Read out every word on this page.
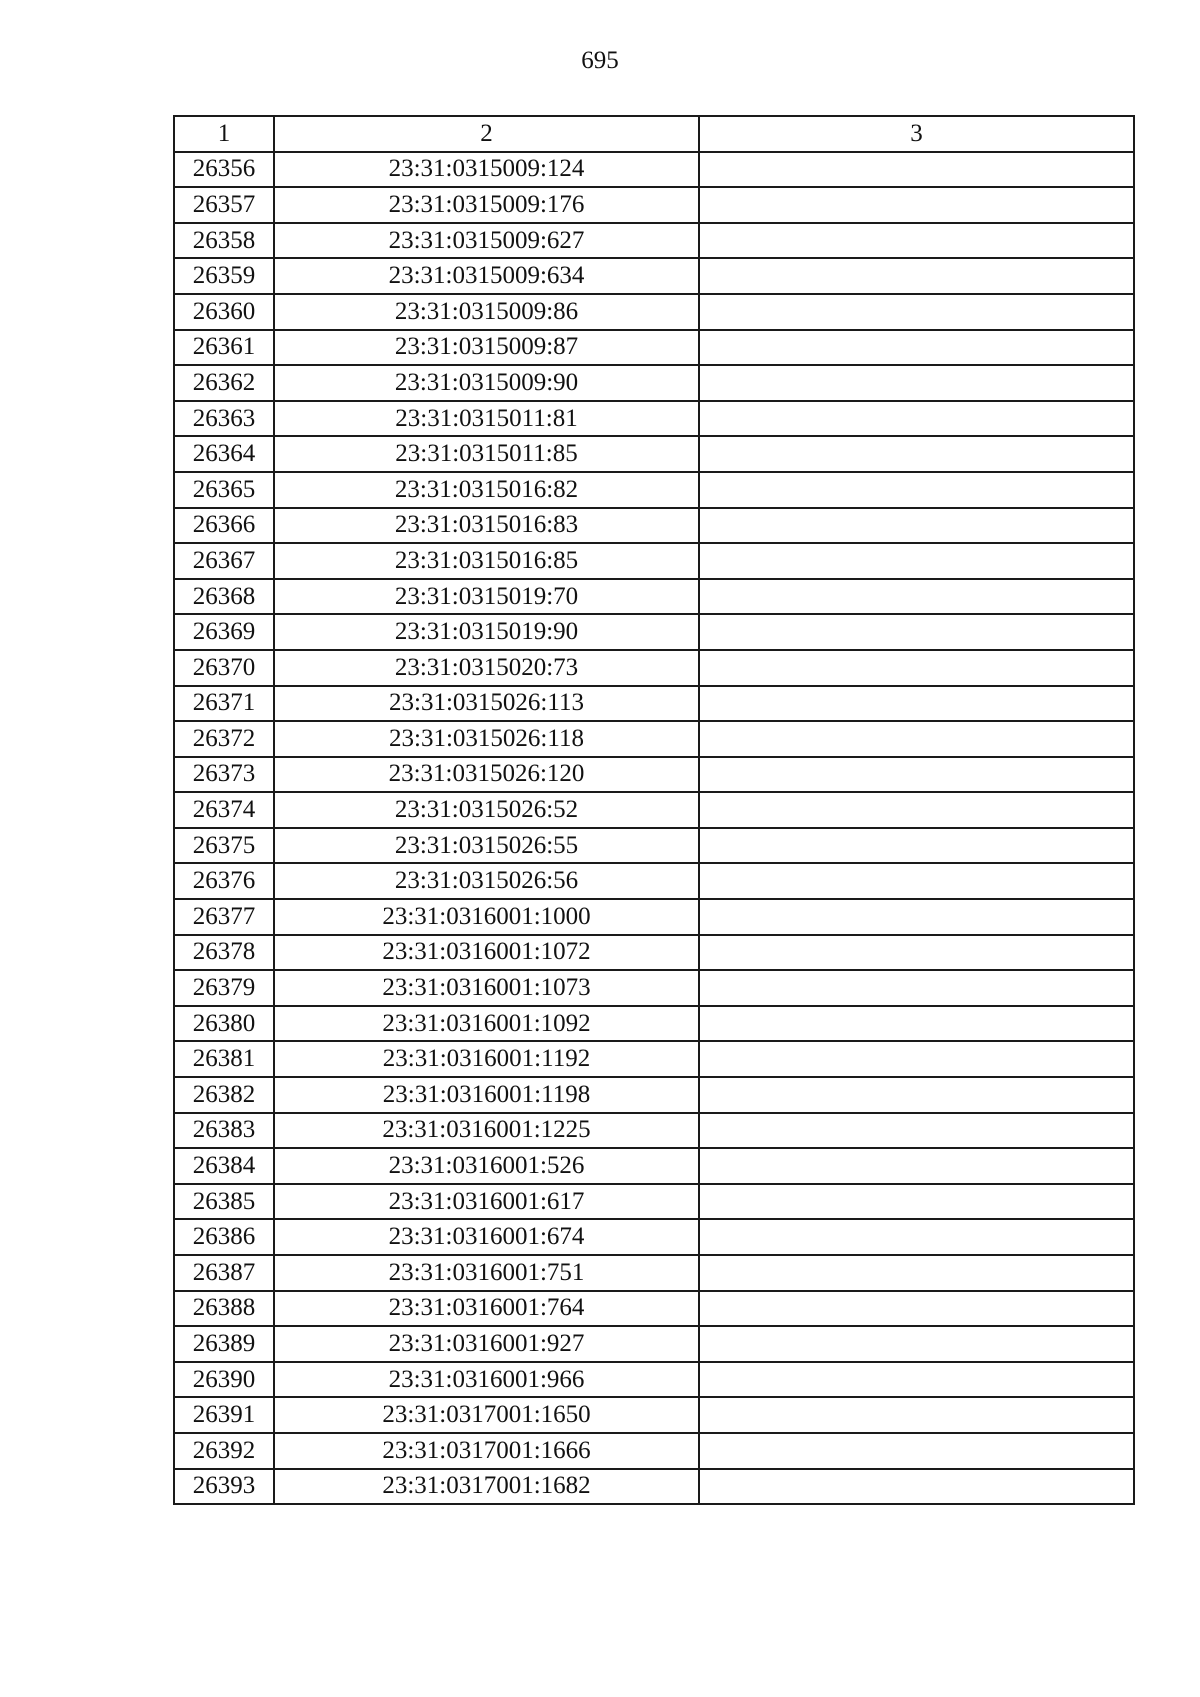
695
1	2	3
26356	23:31:0315009:124	
26357	23:31:0315009:176	
26358	23:31:0315009:627	
26359	23:31:0315009:634	
26360	23:31:0315009:86	
26361	23:31:0315009:87	
26362	23:31:0315009:90	
26363	23:31:0315011:81	
26364	23:31:0315011:85	
26365	23:31:0315016:82	
26366	23:31:0315016:83	
26367	23:31:0315016:85	
26368	23:31:0315019:70	
26369	23:31:0315019:90	
26370	23:31:0315020:73	
26371	23:31:0315026:113	
26372	23:31:0315026:118	
26373	23:31:0315026:120	
26374	23:31:0315026:52	
26375	23:31:0315026:55	
26376	23:31:0315026:56	
26377	23:31:0316001:1000	
26378	23:31:0316001:1072	
26379	23:31:0316001:1073	
26380	23:31:0316001:1092	
26381	23:31:0316001:1192	
26382	23:31:0316001:1198	
26383	23:31:0316001:1225	
26384	23:31:0316001:526	
26385	23:31:0316001:617	
26386	23:31:0316001:674	
26387	23:31:0316001:751	
26388	23:31:0316001:764	
26389	23:31:0316001:927	
26390	23:31:0316001:966	
26391	23:31:0317001:1650	
26392	23:31:0317001:1666	
26393	23:31:0317001:1682	
